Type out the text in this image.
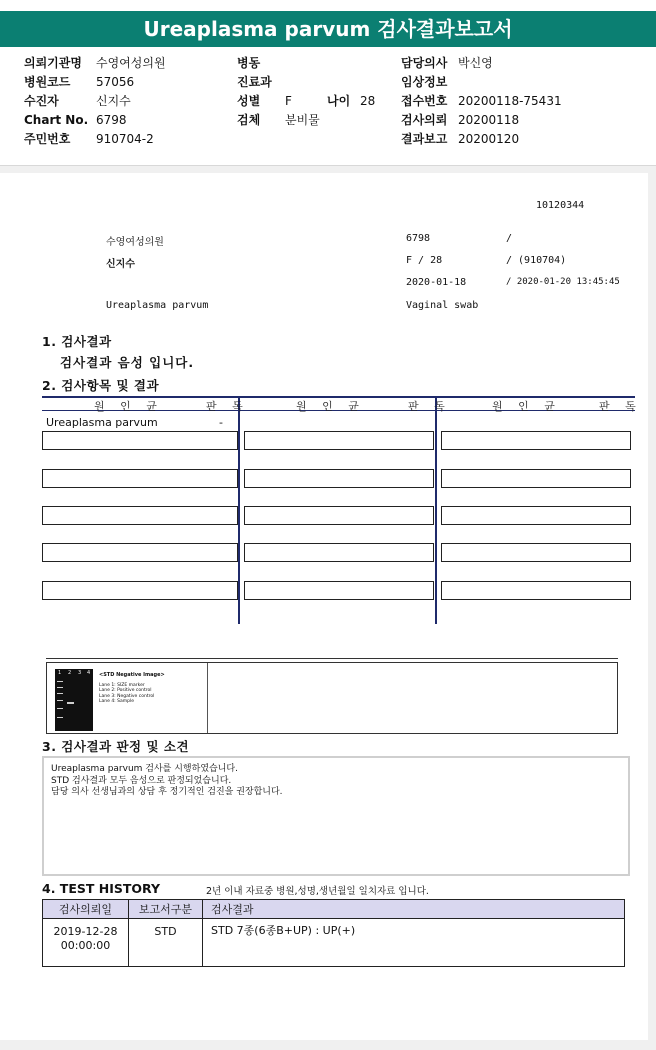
Ureaplasma parvum 검사결과보고서
의뢰기관명 수영여성의원
병원코드 57056
수진자	신지수
Chart No. 6798
주민번호 910704-2
병동
진료과
성별 F	나이 28
검체 분비물
담당의사 박신영
임상정보
접수번호 20200118-75431
검사의뢰 20200118
결과보고 20200120
10120344
수영여성의원	6798	/
신지수	F / 28	/ (910704)
2020-01-18	/ 2020-01-20 13:45:45
Ureaplasma parvum	Vaginal swab
1. 검사결과
검사결과 음성 입니다.
2. 검사항목 및 결과
원 인 균	판 독	원 인 균	판 독	원 인 균	판 독
Ureaplasma parvum	-
1 2 3 4 <STD Negative Image>
Lane 1: SIZE marker
Lane 2: Positive control
Lane 3: Negative control
Lane 4: Sample
3. 검사결과 판정 및 소견
Ureaplasma parvum 검사를 시행하였습니다.
STD 검사결과 모두 음성으로 판정되었습니다.
담당 의사 선생님과의 상담 후 정기적인 검진을 권장합니다.
4. TEST HISTORY	2년 이내 자료중 병원,성명,생년월일 일치자료 입니다.
검사의뢰일	보고서구분	검사결과

2019-12-28
00:00:00	STD	STD 7종(6종B+UP) : UP(+)
